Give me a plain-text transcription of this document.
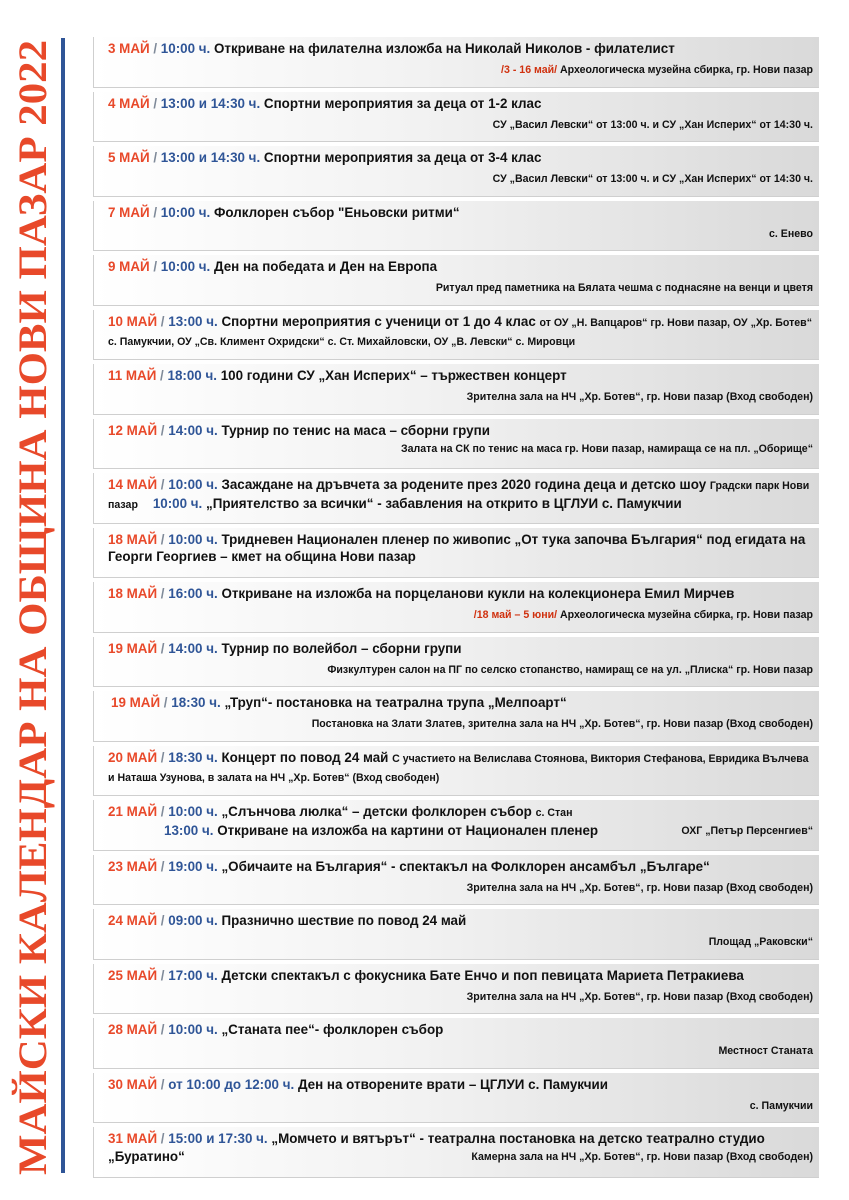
МАЙСКИ КАЛЕНДАР НА ОБЩИНА НОВИ ПАЗАР 2022
3 МАЙ / 10:00 ч. Откриване на филателна изложба на Николай Николов - филателист
/3 - 16 май/ Археологическа музейна сбирка, гр. Нови пазар
4 МАЙ / 13:00 и 14:30 ч. Спортни мероприятия за деца от 1-2 клас
СУ „Васил Левски“ от 13:00 ч. и СУ „Хан Исперих“ от 14:30 ч.
5 МАЙ / 13:00 и 14:30 ч. Спортни мероприятия за деца от 3-4 клас
СУ „Васил Левски“ от 13:00 ч. и СУ „Хан Исперих“ от 14:30 ч.
7 МАЙ / 10:00 ч. Фолклорен събор "Еньовски ритми“
с. Енево
9 МАЙ / 10:00 ч. Ден на победата и Ден на Европа
Ритуал пред паметника на Бялата чешма с поднасяне на венци и цветя
10 МАЙ / 13:00 ч. Спортни мероприятия с ученици от 1 до 4 клас от ОУ „Н. Вапцаров“ гр. Нови пазар, ОУ „Хр. Ботев“ с. Памукчии, ОУ „Св. Климент Охридски“ с. Ст. Михайловски, ОУ „В. Левски“ с. Мировци
11 МАЙ / 18:00 ч. 100 години СУ „Хан Исперих“ – тържествен концерт
Зрителна зала на НЧ „Хр. Ботев“, гр. Нови пазар (Вход свободен)
12 МАЙ / 14:00 ч. Турнир по тенис на маса – сборни групи
Залата на СК по тенис на маса гр. Нови пазар, намираща се на пл. „Оборище“
14 МАЙ / 10:00 ч. Засаждане на дръвчета за родените през 2020 година деца и детско шоу Градски парк Нови пазар 10:00 ч. „Приятелство за всички“ - забавления на открито в ЦГЛУИ с. Памукчии
18 МАЙ / 10:00 ч. Тридневен Национален пленер по живопис „От тука започва България“ под егидата на Георги Георгиев – кмет на община Нови пазар
18 МАЙ / 16:00 ч. Откриване на изложба на порцеланови кукли на колекционера Емил Мирчев
/18 май – 5 юни/ Археологическа музейна сбирка, гр. Нови пазар
19 МАЙ / 14:00 ч. Турнир по волейбол – сборни групи
Физкултурен салон на ПГ по селско стопанство, намиращ се на ул. „Плиска“ гр. Нови пазар
19 МАЙ / 18:30 ч. „Труп“- постановка на театрална трупа „Мелпоарт“
Постановка на Злати Златев, зрителна зала на НЧ „Хр. Ботев“, гр. Нови пазар (Вход свободен)
20 МАЙ / 18:30 ч. Концерт по повод 24 май С участието на Велислава Стоянова, Виктория Стефанова, Евридика Вълчева и Наташа Узунова, в залата на НЧ „Хр. Ботев“ (Вход свободен)
21 МАЙ / 10:00 ч. „Слънчова люлка“ – детски фолклорен събор с. Стан
13:00 ч. Откриване на изложба на картини от Национален пленер	ОХГ „Петър Персенгиев“
23 МАЙ / 19:00 ч. „Обичаите на България“ - спектакъл на Фолклорен ансамбъл „Българе“
Зрителна зала на НЧ „Хр. Ботев“, гр. Нови пазар (Вход свободен)
24 МАЙ / 09:00 ч. Празнично шествие по повод 24 май
Площад „Раковски“
25 МАЙ / 17:00 ч. Детски спектакъл с фокусника Бате Енчо и поп певицата Мариета Петракиева
Зрителна зала на НЧ „Хр. Ботев“, гр. Нови пазар (Вход свободен)
28 МАЙ / 10:00 ч. „Станата пее“- фолклорен събор
Местност Станата
30 МАЙ / от 10:00 до 12:00 ч. Ден на отворените врати – ЦГЛУИ с. Памукчии
с. Памукчии
31 МАЙ / 15:00 и 17:30 ч. „Момчето и вятърът“ - театрална постановка на детско театрално студио
„Буратино“	Камерна зала на НЧ „Хр. Ботев“, гр. Нови пазар (Вход свободен)
